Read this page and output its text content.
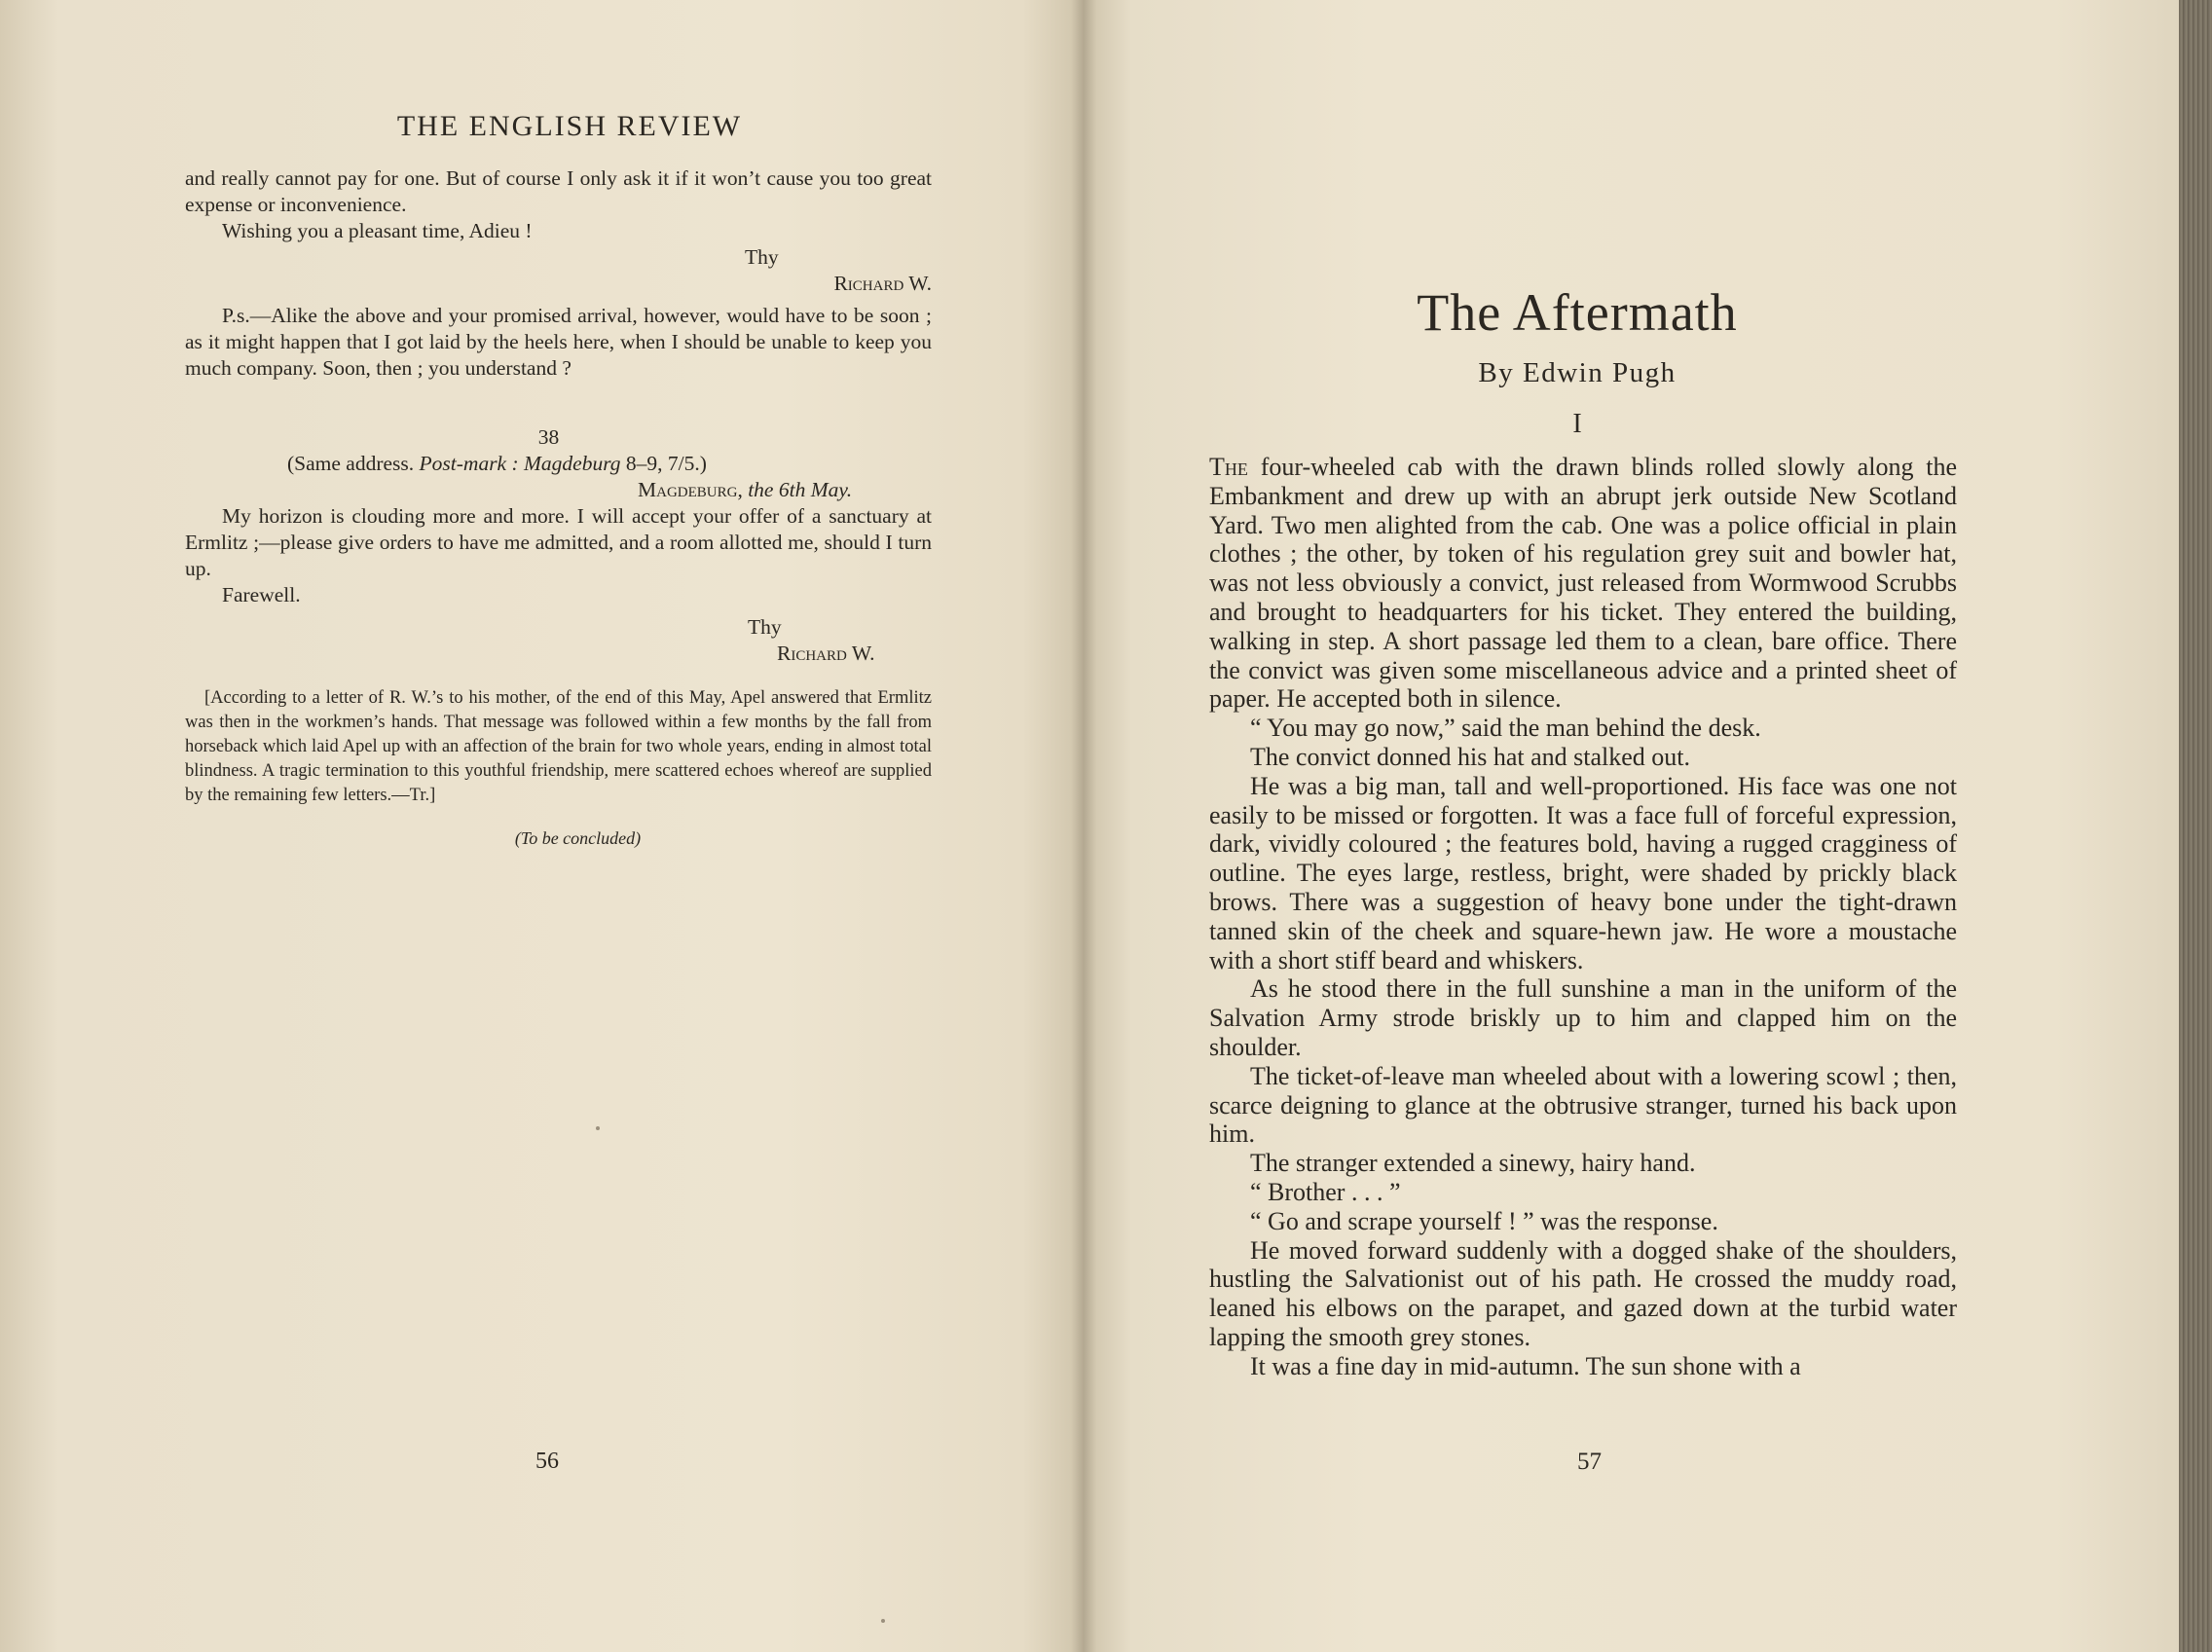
THE ENGLISH REVIEW

and really cannot pay for one. But of course I only ask it if it won’t cause you too great expense or inconvenience.

Wishing you a pleasant time, Adieu !

Thy

Richard W.

P.s.—Alike the above and your promised arrival, however, would have to be soon ; as it might happen that I got laid by the heels here, when I should be unable to keep you much company. Soon, then ; you understand ?

38

(Same address. Post-mark : Magdeburg 8–9, 7/5.)

Magdeburg, the 6th May.

My horizon is clouding more and more. I will accept your offer of a sanctuary at Ermlitz ;—please give orders to have me admitted, and a room allotted me, should I turn up.

Farewell.

Thy

Richard W.

[According to a letter of R. W.’s to his mother, of the end of this May, Apel answered that Ermlitz was then in the workmen’s hands. That message was followed within a few months by the fall from horseback which laid Apel up with an affection of the brain for two whole years, ending in almost total blindness. A tragic termination to this youthful friendship, mere scattered echoes whereof are supplied by the remaining few letters.—Tr.]

(To be concluded)

56
The Aftermath
By Edwin Pugh
I

The four-wheeled cab with the drawn blinds rolled slowly along the Embankment and drew up with an abrupt jerk outside New Scotland Yard. Two men alighted from the cab. One was a police official in plain clothes ; the other, by token of his regulation grey suit and bowler hat, was not less obviously a convict, just released from Wormwood Scrubbs and brought to headquarters for his ticket. They entered the building, walking in step. A short passage led them to a clean, bare office. There the convict was given some miscellaneous advice and a printed sheet of paper. He accepted both in silence.

“ You may go now,” said the man behind the desk.

The convict donned his hat and stalked out.

He was a big man, tall and well-proportioned. His face was one not easily to be missed or forgotten. It was a face full of forceful expression, dark, vividly coloured ; the features bold, having a rugged cragginess of outline. The eyes large, restless, bright, were shaded by prickly black brows. There was a suggestion of heavy bone under the tight-drawn tanned skin of the cheek and square-hewn jaw. He wore a moustache with a short stiff beard and whiskers.

As he stood there in the full sunshine a man in the uniform of the Salvation Army strode briskly up to him and clapped him on the shoulder.

The ticket-of-leave man wheeled about with a lowering scowl ; then, scarce deigning to glance at the obtrusive stranger, turned his back upon him.

The stranger extended a sinewy, hairy hand.

“ Brother . . . ”

“ Go and scrape yourself ! ” was the response.

He moved forward suddenly with a dogged shake of the shoulders, hustling the Salvationist out of his path. He crossed the muddy road, leaned his elbows on the parapet, and gazed down at the turbid water lapping the smooth grey stones.

It was a fine day in mid-autumn. The sun shone with a

57
